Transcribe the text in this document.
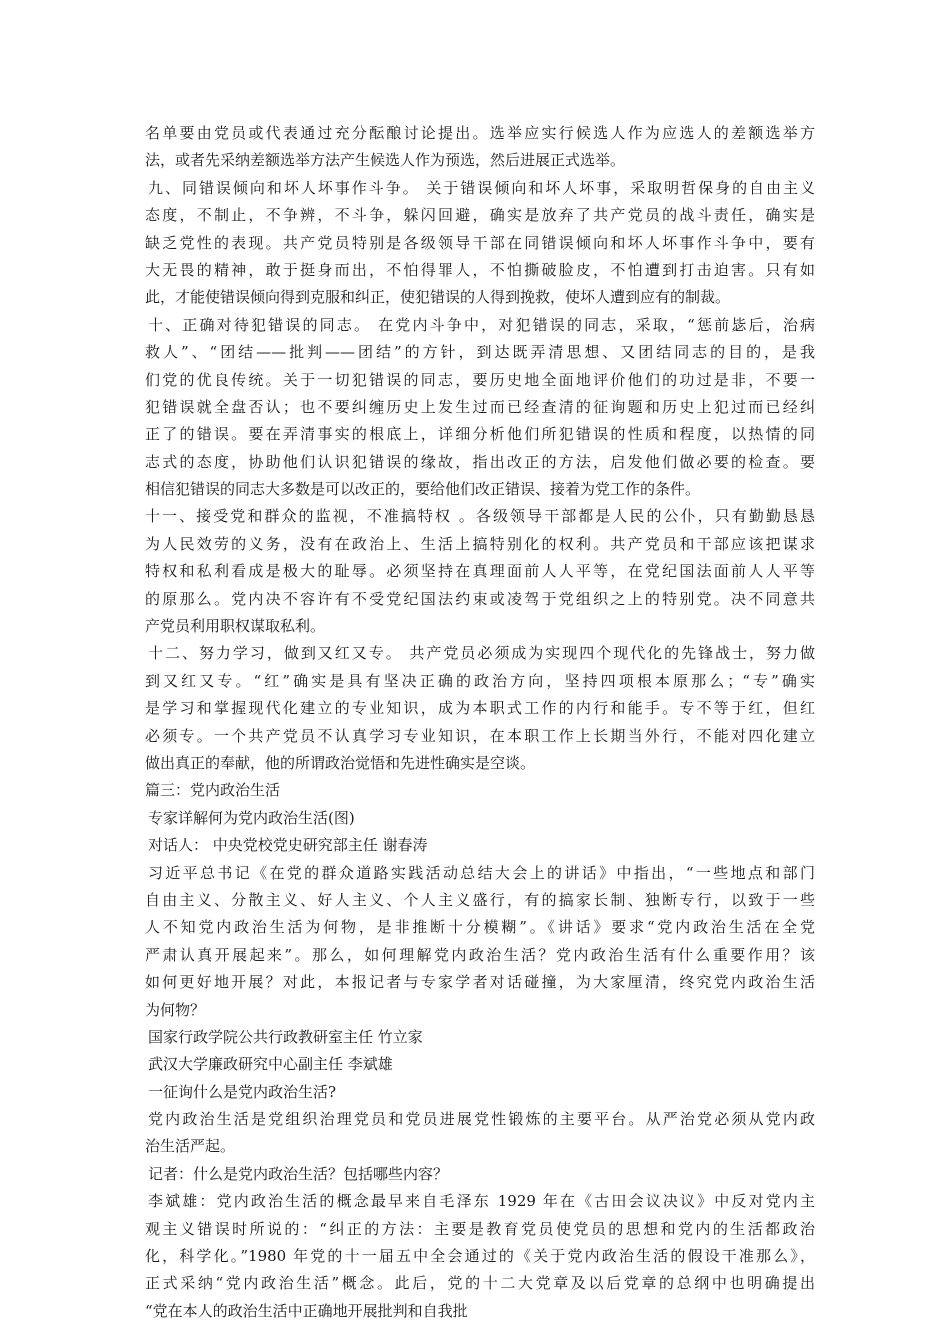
名单要由党员或代表通过充分酝酿讨论提出。选举应实行候选人作为应选人的差额选举方
法，或者先采纳差额选举方法产生候选人作为预选，然后进展正式选举。
九、同错误倾向和坏人坏事作斗争。 关于错误倾向和坏人坏事，采取明哲保身的自由主义
态度，不制止，不争辨，不斗争，躲闪回避，确实是放弃了共产党员的战斗责任，确实是
缺乏党性的表现。共产党员特别是各级领导干部在同错误倾向和坏人坏事作斗争中，要有
大无畏的精神，敢于挺身而出，不怕得罪人，不怕撕破脸皮，不怕遭到打击迫害。只有如
此，才能使错误倾向得到克服和纠正，使犯错误的人得到挽救，使坏人遭到应有的制裁。
十、正确对待犯错误的同志。 在党内斗争中，对犯错误的同志，采取，“惩前毖后，治病
救人”、“团结——批判——团结”的方针，到达既弄清思想、又团结同志的目的，是我
们党的优良传统。关于一切犯错误的同志，要历史地全面地评价他们的功过是非，不要一
犯错误就全盘否认；也不要纠缠历史上发生过而已经查清的征询题和历史上犯过而已经纠
正了的错误。要在弄清事实的根底上，详细分析他们所犯错误的性质和程度，以热情的同
志式的态度，协助他们认识犯错误的缘故，指出改正的方法，启发他们做必要的检查。要
相信犯错误的同志大多数是可以改正的，要给他们改正错误、接着为党工作的条件。
十一、接受党和群众的监视，不准搞特权 。各级领导干部都是人民的公仆，只有勤勤恳恳
为人民效劳的义务，没有在政治上、生活上搞特别化的权利。共产党员和干部应该把谋求
特权和私利看成是极大的耻辱。必须坚持在真理面前人人平等，在党纪国法面前人人平等
的原那么。党内决不容许有不受党纪国法约束或凌驾于党组织之上的特别党。决不同意共
产党员利用职权谋取私利。
十二、努力学习，做到又红又专。 共产党员必须成为实现四个现代化的先锋战士，努力做
到又红又专。“红”确实是具有坚决正确的政治方向，坚持四项根本原那么；“专”确实
是学习和掌握现代化建立的专业知识，成为本职式工作的内行和能手。专不等于红，但红
必须专。一个共产党员不认真学习专业知识，在本职工作上长期当外行，不能对四化建立
做出真正的奉献，他的所谓政治觉悟和先进性确实是空谈。
篇三：党内政治生活
专家详解何为党内政治生活(图)
对话人： 中央党校党史研究部主任 谢春涛
习近平总书记《在党的群众道路实践活动总结大会上的讲话》中指出，“一些地点和部门
自由主义、分散主义、好人主义、个人主义盛行，有的搞家长制、独断专行，以致于一些
人不知党内政治生活为何物，是非推断十分模糊”。《讲话》要求“党内政治生活在全党
严肃认真开展起来”。那么，如何理解党内政治生活？党内政治生活有什么重要作用？该
如何更好地开展？对此，本报记者与专家学者对话碰撞，为大家厘清，终究党内政治生活
为何物？
国家行政学院公共行政教研室主任 竹立家
武汉大学廉政研究中心副主任 李斌雄
一征询什么是党内政治生活?
党内政治生活是党组织治理党员和党员进展党性锻炼的主要平台。从严治党必须从党内政
治生活严起。
记者：什么是党内政治生活？包括哪些内容？
李斌雄：党内政治生活的概念最早来自毛泽东 1929 年在《古田会议决议》中反对党内主
观主义错误时所说的：“纠正的方法：主要是教育党员使党员的思想和党内的生活都政治
化，科学化。”1980 年党的十一届五中全会通过的《关于党内政治生活的假设干准那么》，
正式采纳“党内政治生活”概念。此后，党的十二大党章及以后党章的总纲中也明确提出
“党在本人的政治生活中正确地开展批判和自我批
